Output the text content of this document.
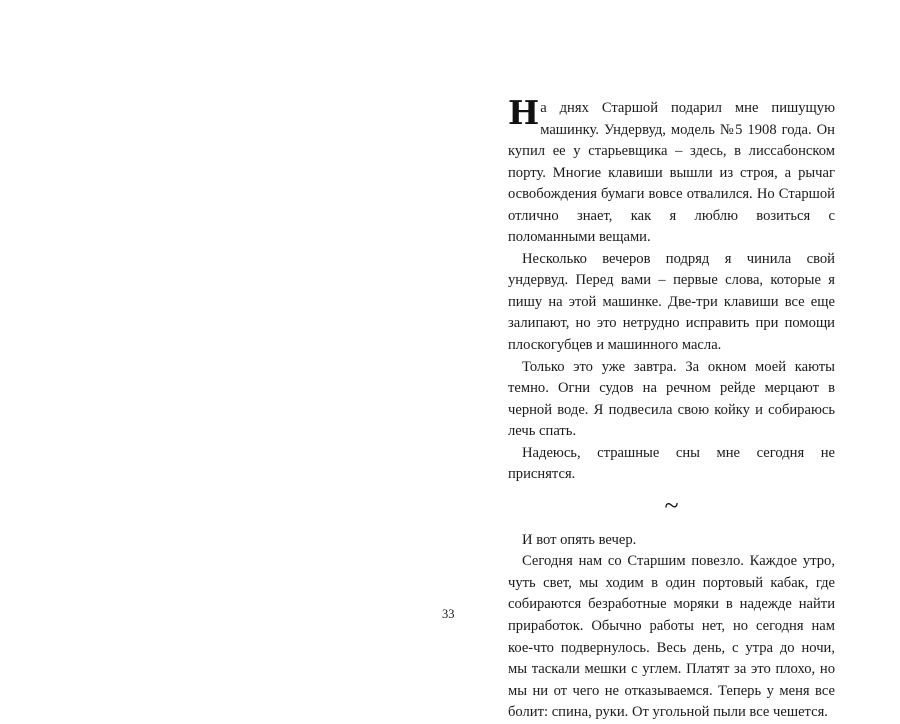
На днях Старшой подарил мне пишущую машинку. Ундервуд, модель №5 1908 года. Он купил ее у старьевщика – здесь, в лиссабонском порту. Многие клавиши вышли из строя, а рычаг освобождения бумаги вовсе отвалился. Но Старшой отлично знает, как я люблю возиться с поломанными вещами.

Несколько вечеров подряд я чинила свой ундервуд. Перед вами – первые слова, которые я пишу на этой машинке. Две-три клавиши все еще залипают, но это нетрудно исправить при помощи плоскогубцев и машинного масла.

Только это уже завтра. За окном моей каюты темно. Огни судов на речном рейде мерцают в черной воде. Я подвесила свою койку и собираюсь лечь спать.

Надеюсь, страшные сны мне сегодня не приснятся.

~

И вот опять вечер.

Сегодня нам со Старшим повезло. Каждое утро, чуть свет, мы ходим в один портовый кабак, где собираются безработные моряки в надежде найти приработок. Обычно работы нет, но сегодня нам кое-что подвернулось. Весь день, с утра до ночи, мы таскали мешки с углем. Платят за это плохо, но мы ни от чего не отказываемся. Теперь у меня все болит: спина, руки. От угольной пыли все чешется.

33
